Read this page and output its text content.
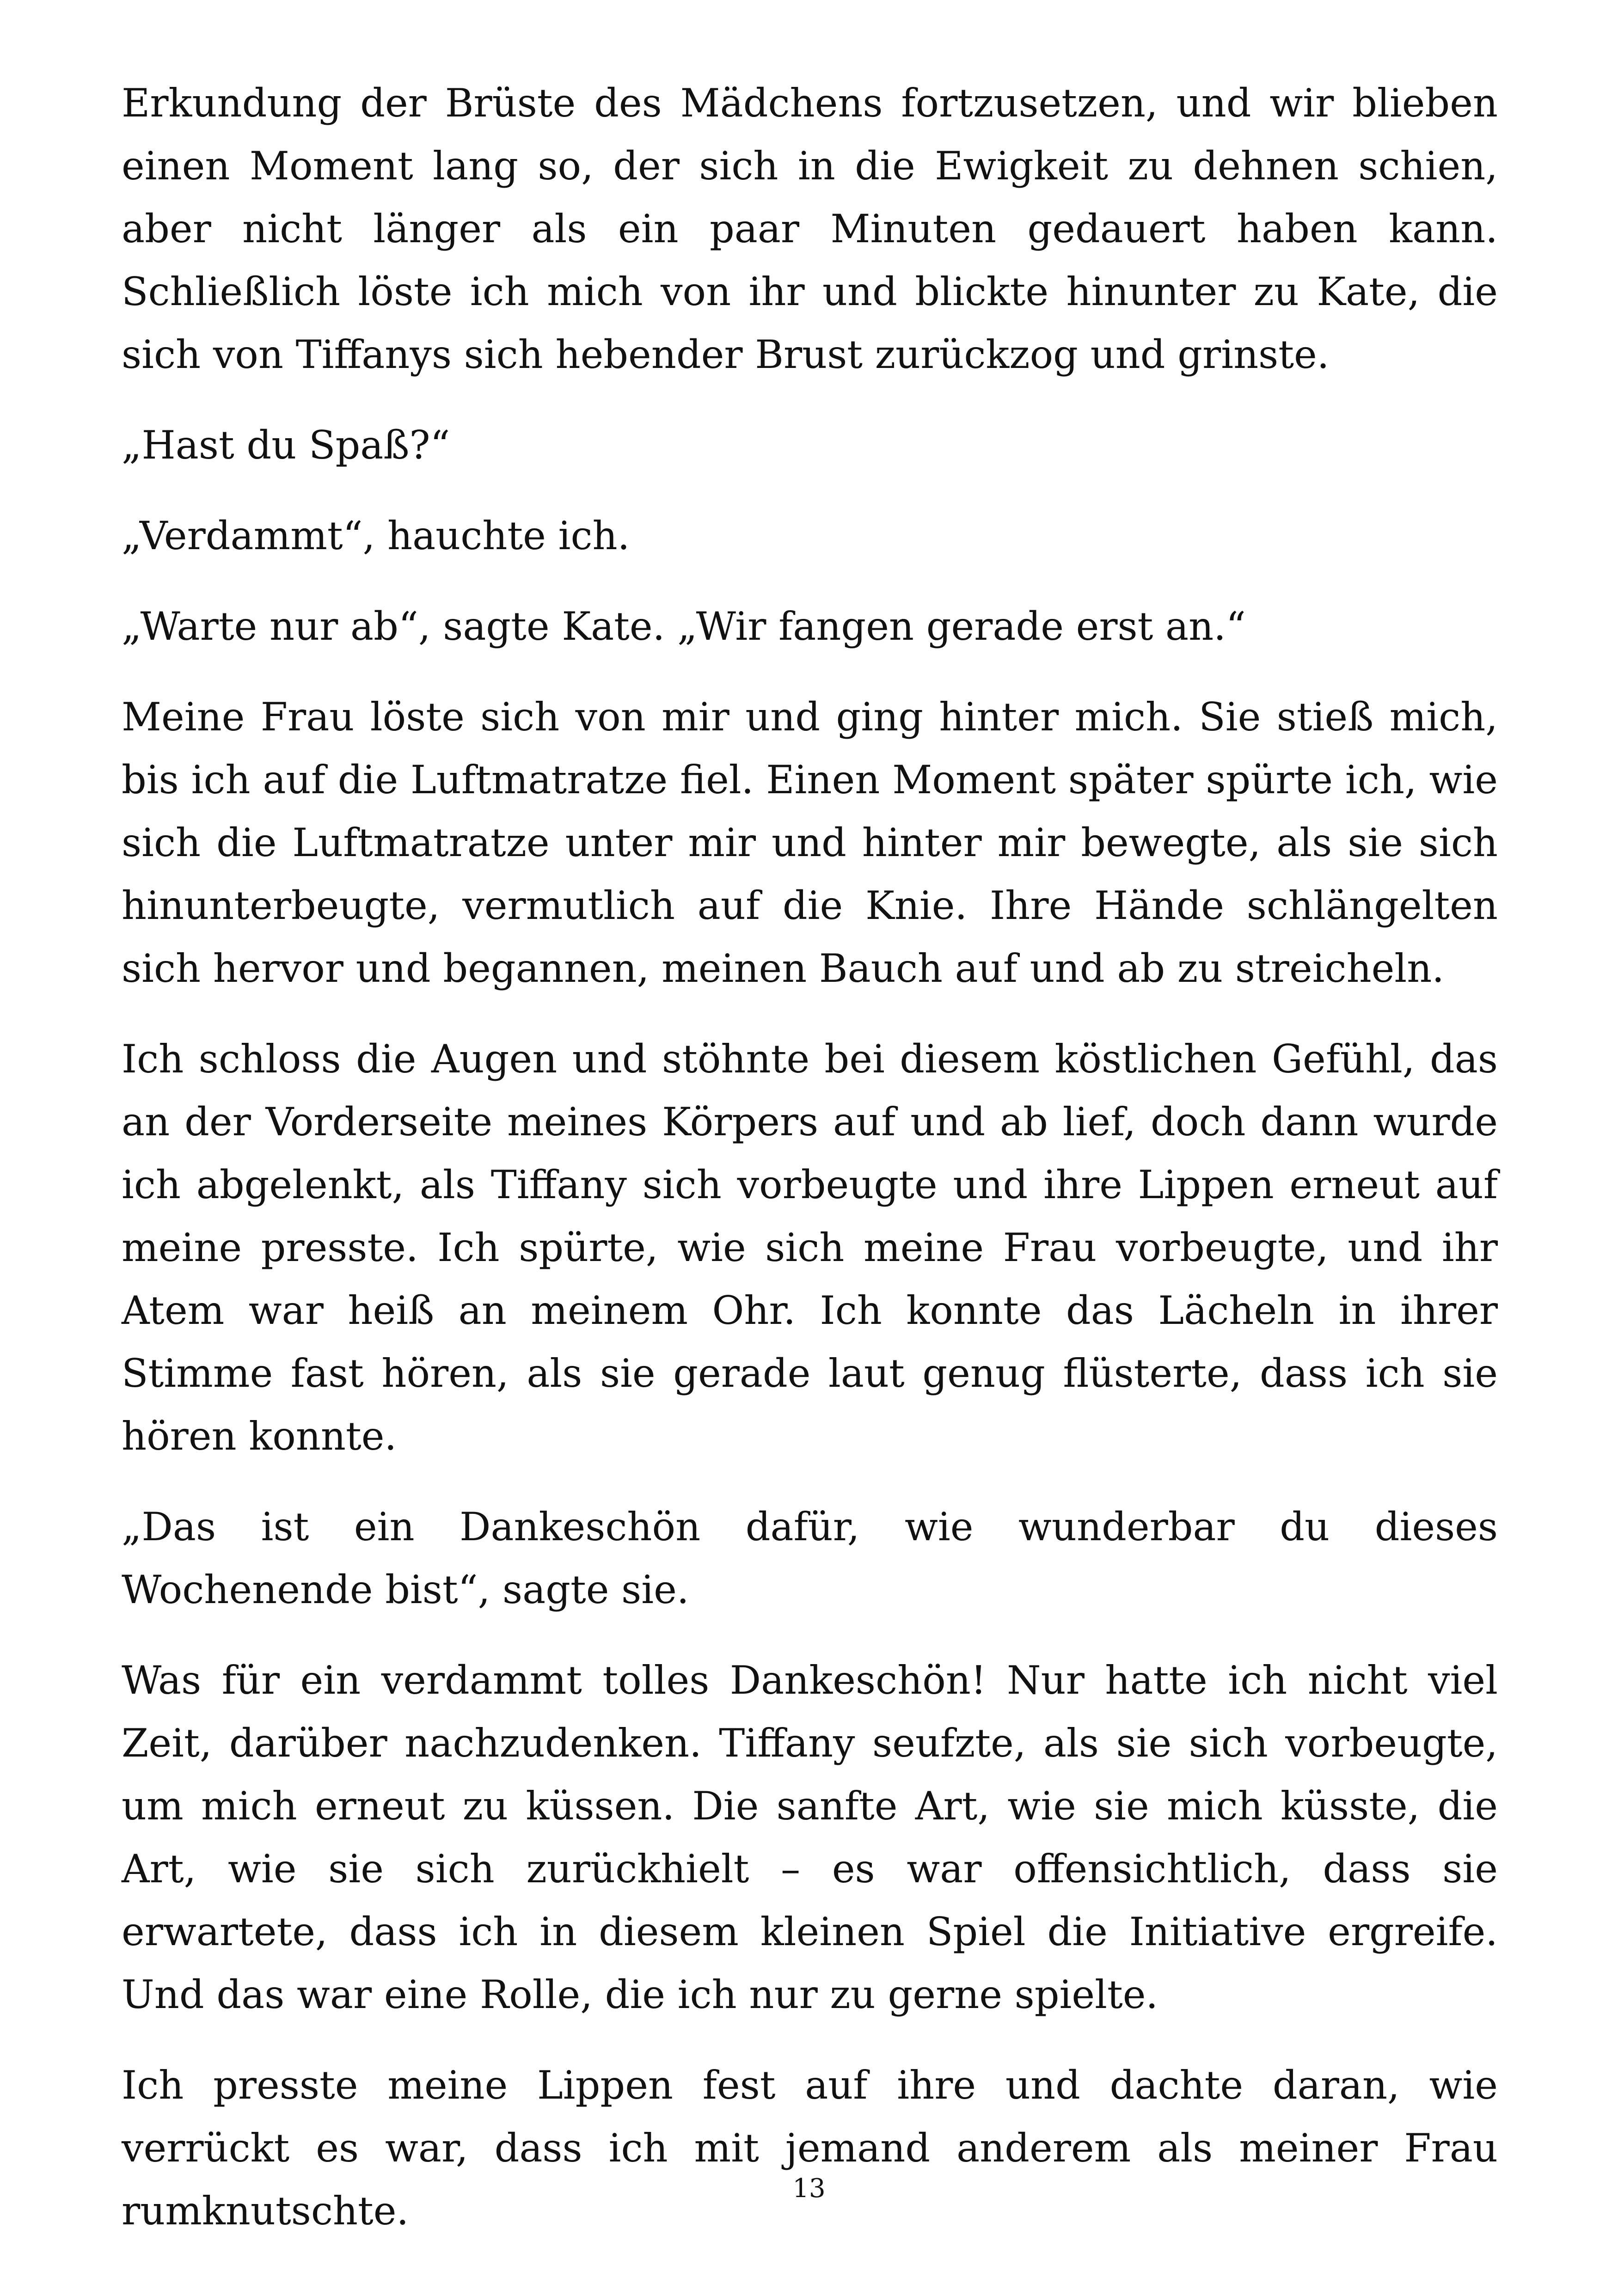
Erkundung der Brüste des Mädchens fortzusetzen, und wir blieben einen Moment lang so, der sich in die Ewigkeit zu dehnen schien, aber nicht länger als ein paar Minuten gedauert haben kann. Schließlich löste ich mich von ihr und blickte hinunter zu Kate, die sich von Tiffanys sich hebender Brust zurückzog und grinste.

„Hast du Spaß?“

„Verdammt“, hauchte ich.

„Warte nur ab“, sagte Kate. „Wir fangen gerade erst an.“

Meine Frau löste sich von mir und ging hinter mich. Sie stieß mich, bis ich auf die Luftmatratze fiel. Einen Moment später spürte ich, wie sich die Luftmatratze unter mir und hinter mir bewegte, als sie sich hinunterbeugte, vermutlich auf die Knie. Ihre Hände schlängelten sich hervor und begannen, meinen Bauch auf und ab zu streicheln.

Ich schloss die Augen und stöhnte bei diesem köstlichen Gefühl, das an der Vorderseite meines Körpers auf und ab lief, doch dann wurde ich abgelenkt, als Tiffany sich vorbeugte und ihre Lippen erneut auf meine presste. Ich spürte, wie sich meine Frau vorbeugte, und ihr Atem war heiß an meinem Ohr. Ich konnte das Lächeln in ihrer Stimme fast hören, als sie gerade laut genug flüsterte, dass ich sie hören konnte.

„Das ist ein Dankeschön dafür, wie wunderbar du dieses Wochenende bist“, sagte sie.

Was für ein verdammt tolles Dankeschön! Nur hatte ich nicht viel Zeit, darüber nachzudenken. Tiffany seufzte, als sie sich vorbeugte, um mich erneut zu küssen. Die sanfte Art, wie sie mich küsste, die Art, wie sie sich zurückhielt – es war offensichtlich, dass sie erwartete, dass ich in diesem kleinen Spiel die Initiative ergreife. Und das war eine Rolle, die ich nur zu gerne spielte.

Ich presste meine Lippen fest auf ihre und dachte daran, wie verrückt es war, dass ich mit jemand anderem als meiner Frau rumknutschte.	13
